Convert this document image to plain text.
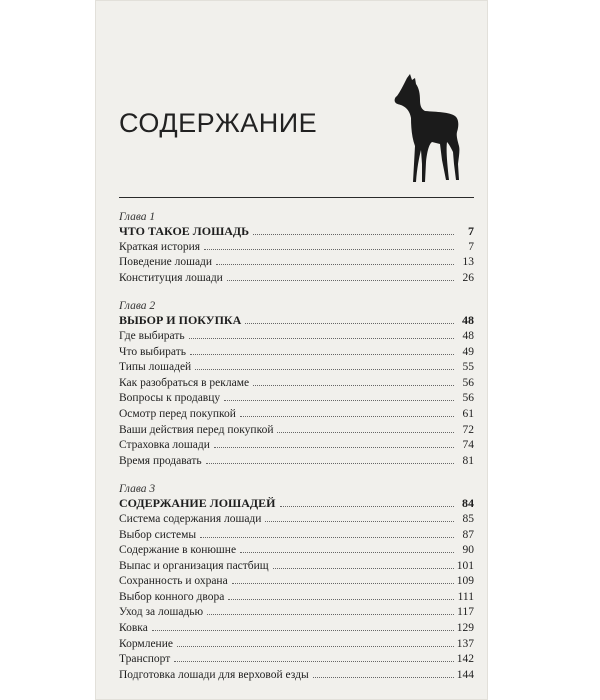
СОДЕРЖАНИЕ
Глава 1
ЧТО ТАКОЕ ЛОШАДЬ	7
Краткая история	7
Поведение лошади	13
Конституция лошади	26
Глава 2
ВЫБОР И ПОКУПКА	48
Где выбирать	48
Что выбирать	49
Типы лошадей	55
Как разобраться в рекламе	56
Вопросы к продавцу	56
Осмотр перед покупкой	61
Ваши действия перед покупкой	72
Страховка лошади	74
Время продавать	81
Глава 3
СОДЕРЖАНИЕ ЛОШАДЕЙ	84
Система содержания лошади	85
Выбор системы	87
Содержание в конюшне	90
Выпас и организация пастбищ	101
Сохранность и охрана	109
Выбор конного двора	111
Уход за лошадью	117
Ковка	129
Кормление	137
Транспорт	142
Подготовка лошади для верховой езды	144
